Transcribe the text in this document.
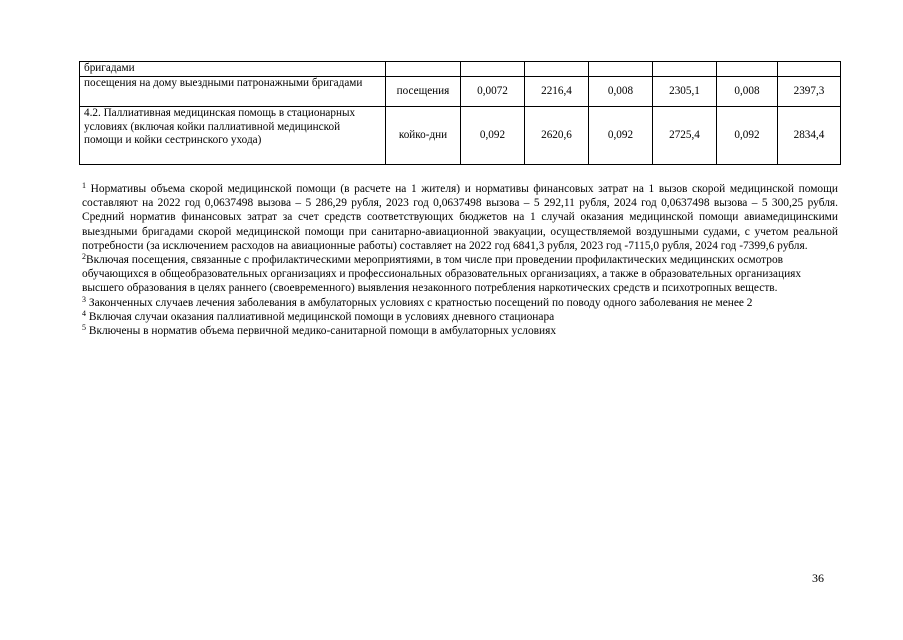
бригадами							
посещения на дому выездными патронажными бригадами	посещения	0,0072	2216,4	0,008	2305,1	0,008	2397,3
4.2. Паллиативная медицинская помощь в стационарных условиях (включая койки паллиативной медицинской помощи и койки сестринского ухода)	койко-дни	0,092	2620,6	0,092	2725,4	0,092	2834,4

$^1$ Нормативы объема скорой медицинской помощи (в расчете на 1 жителя) и нормативы финансовых затрат на 1 вызов скорой медицинской помощи составляют на 2022 год 0,0637498 вызова – 5 286,29 рубля, 2023 год 0,0637498 вызова – 5 292,11 рубля, 2024 год 0,0637498 вызова – 5 300,25 рубля. Средний норматив финансовых затрат за счет средств соответствующих бюджетов на 1 случай оказания медицинской помощи авиамедицинскими выездными бригадами скорой медицинской помощи при санитарно-авиационной эвакуации, осуществляемой воздушными судами, с учетом реальной потребности (за исключением расходов на авиационные работы) составляет на 2022 год 6841,3 рубля, 2023 год -7115,0 рубля, 2024 год -7399,6 рубля.

$^2$Включая посещения, связанные с профилактическими мероприятиями, в том числе при проведении профилактических медицинских осмотров обучающихся в общеобразовательных организациях и профессиональных образовательных организациях, а также в образовательных организациях высшего образования в целях раннего (своевременного) выявления незаконного потребления наркотических средств и психотропных веществ.

$^3$ Законченных случаев лечения заболевания в амбулаторных условиях с кратностью посещений по поводу одного заболевания не менее 2

$^4$ Включая случаи оказания паллиативной медицинской помощи в условиях дневного стационара

$^5$ Включены в норматив объема первичной медико-санитарной помощи в амбулаторных условиях

36
